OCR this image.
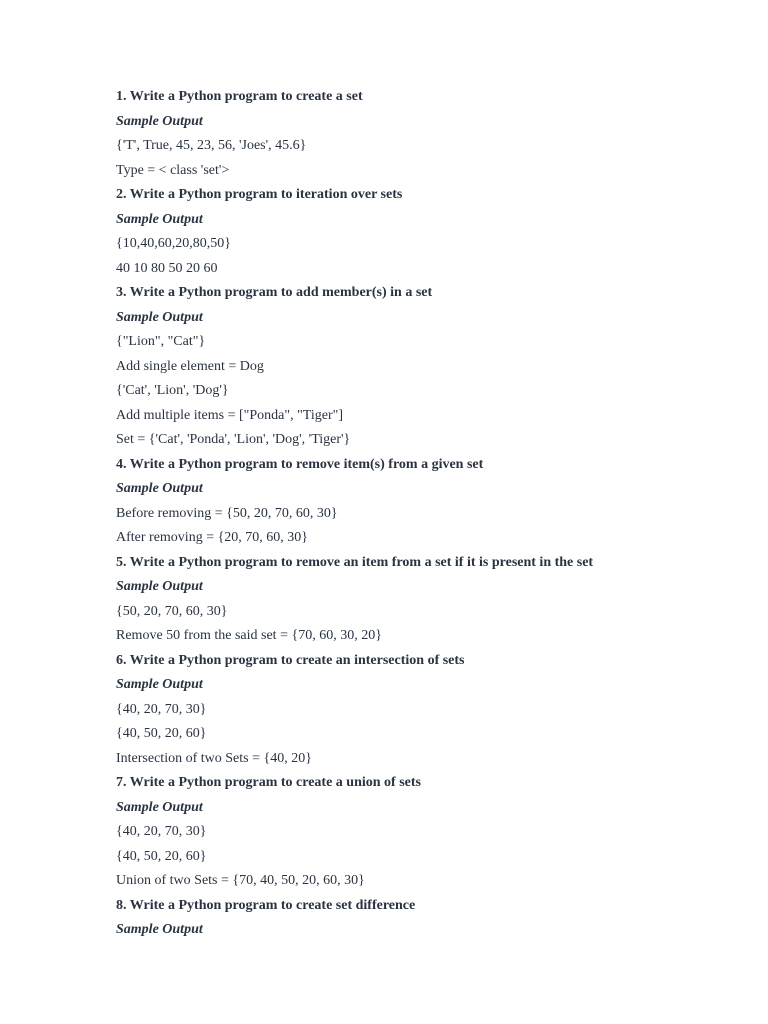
1. Write a Python program to create a set
Sample Output
{'T', True, 45, 23, 56, 'Joes', 45.6}
Type = < class 'set'>
2. Write a Python program to iteration over sets
Sample Output
{10,40,60,20,80,50}
40 10 80 50 20 60
3. Write a Python program to add member(s) in a set
Sample Output
{"Lion", "Cat"}
Add single element = Dog
{'Cat', 'Lion', 'Dog'}
Add multiple items = ["Ponda", "Tiger"]
Set = {'Cat', 'Ponda', 'Lion', 'Dog', 'Tiger'}
4. Write a Python program to remove item(s) from a given set
Sample Output
Before removing = {50, 20, 70, 60, 30}
After removing = {20, 70, 60, 30}
5. Write a Python program to remove an item from a set if it is present in the set
Sample Output
{50, 20, 70, 60, 30}
Remove 50 from the said set = {70, 60, 30, 20}
6. Write a Python program to create an intersection of sets
Sample Output
{40, 20, 70, 30}
{40, 50, 20, 60}
Intersection of two Sets = {40, 20}
7. Write a Python program to create a union of sets
Sample Output
{40, 20, 70, 30}
{40, 50, 20, 60}
Union of two Sets = {70, 40, 50, 20, 60, 30}
8. Write a Python program to create set difference
Sample Output
